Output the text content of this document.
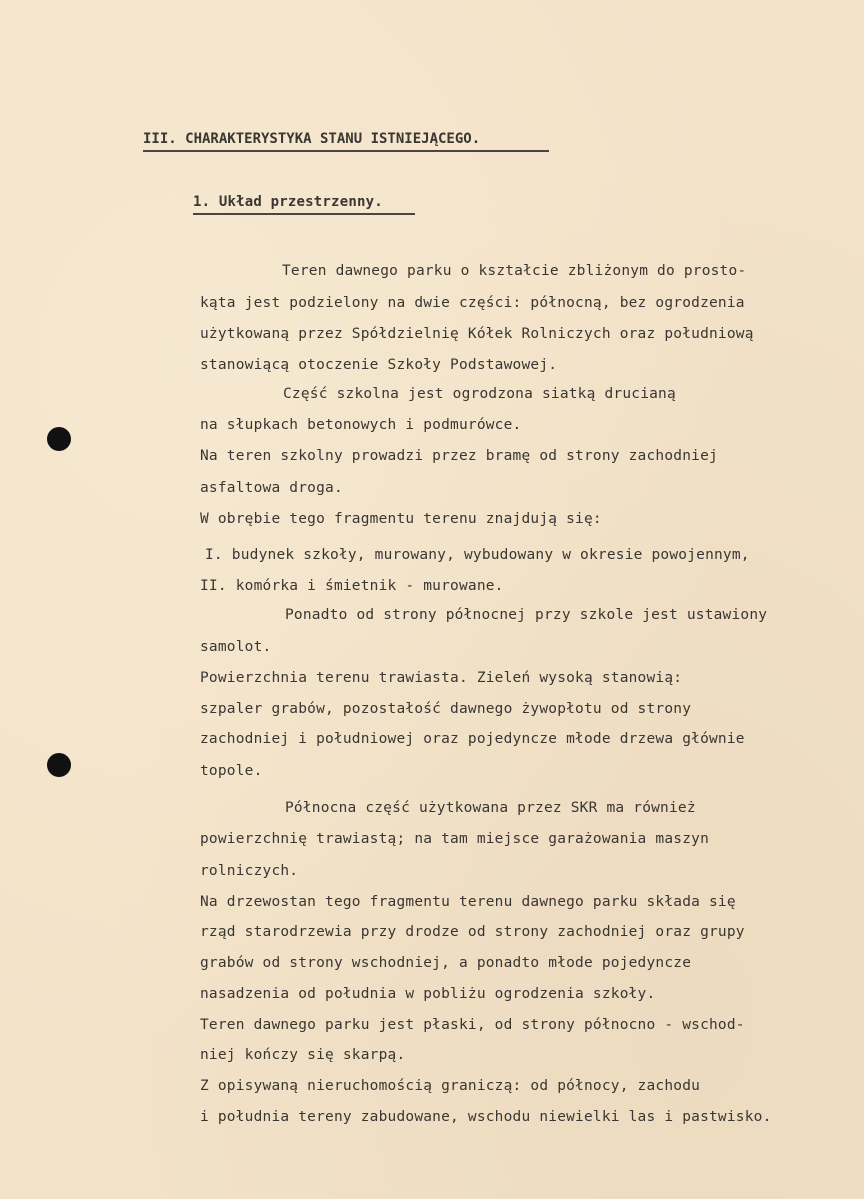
III. CHARAKTERYSTYKA STANU ISTNIEJĄCEGO.
1. Układ przestrzenny.
Teren dawnego parku o kształcie zbliżonym do prosto-
kąta jest podzielony na dwie części: północną, bez ogrodzenia
użytkowaną przez Spółdzielnię Kółek Rolniczych oraz południową
stanowiącą otoczenie Szkoły Podstawowej.
Część szkolna jest ogrodzona siatką drucianą
na słupkach betonowych i podmurówce.
Na teren szkolny prowadzi przez bramę od strony zachodniej
asfaltowa droga.
W obrębie tego fragmentu terenu znajdują się:
I. budynek szkoły, murowany, wybudowany w okresie powojennym,
II. komórka i śmietnik - murowane.
Ponadto od strony północnej przy szkole jest ustawiony
samolot.
Powierzchnia terenu trawiasta. Zieleń wysoką stanowią:
szpaler grabów, pozostałość dawnego żywopłotu od strony
zachodniej i południowej oraz pojedyncze młode drzewa głównie
topole.
Północna część użytkowana przez SKR ma również
powierzchnię trawiastą; na tam miejsce garażowania maszyn
rolniczych.
Na drzewostan tego fragmentu terenu dawnego parku składa się
rząd starodrzewia przy drodze od strony zachodniej oraz grupy
grabów od strony wschodniej, a ponadto młode pojedyncze
nasadzenia od południa w pobliżu ogrodzenia szkoły.
Teren dawnego parku jest płaski, od strony północno - wschod-
niej kończy się skarpą.
Z opisywaną nieruchomością graniczą: od północy, zachodu
i południa tereny zabudowane, wschodu niewielki las i pastwisko.
